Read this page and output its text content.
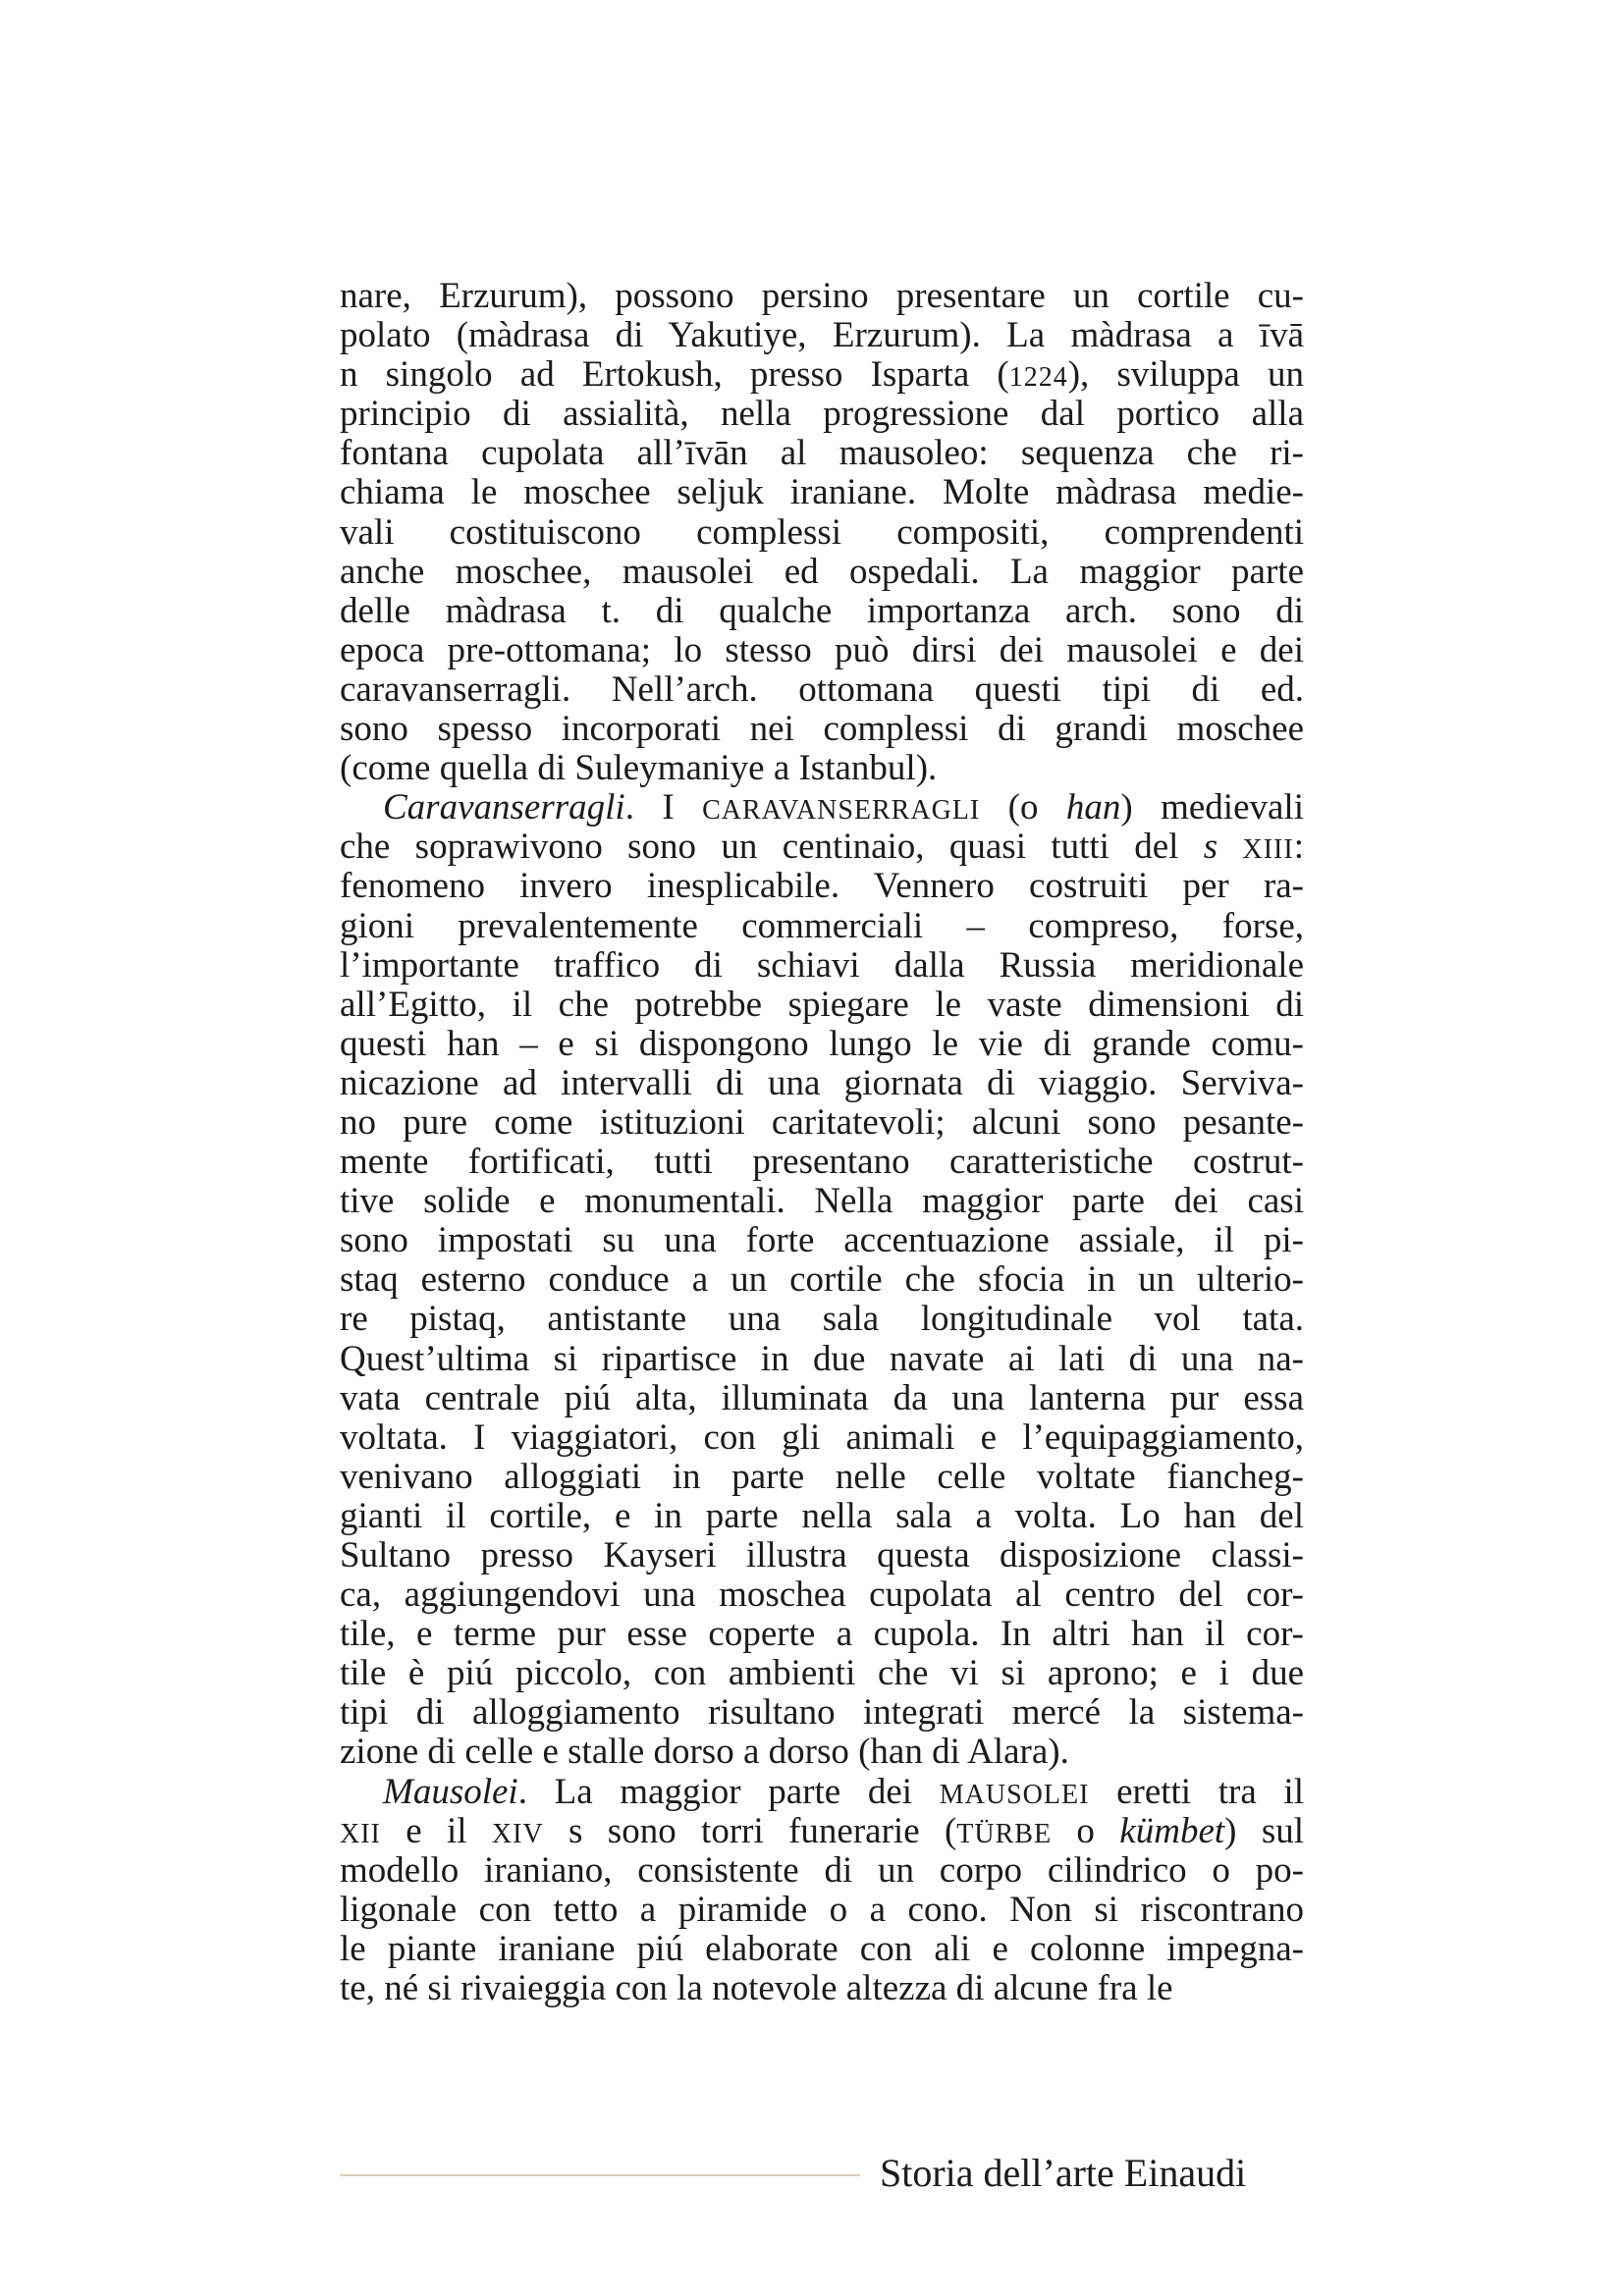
nare, Erzurum), possono persino presentare un cortile cu-
polato (màdrasa di Yakutiye, Erzurum). La màdrasa a īvā
n singolo ad Ertokush, presso Isparta (1224), sviluppa un
principio di assialità, nella progressione dal portico alla
fontana cupolata all’īvān al mausoleo: sequenza che ri-
chiama le moschee seljuk iraniane. Molte màdrasa medie-
vali costituiscono complessi compositi, comprendenti
anche moschee, mausolei ed ospedali. La maggior parte
delle màdrasa t. di qualche importanza arch. sono di
epoca pre-ottomana; lo stesso può dirsi dei mausolei e dei
caravanserragli. Nell’arch. ottomana questi tipi di ed.
sono spesso incorporati nei complessi di grandi moschee
(come quella di Suleymaniye a Istanbul).
Caravanserragli. I CARAVANSERRAGLI (o han) medievali
che soprawivono sono un centinaio, quasi tutti del s XIII:
fenomeno invero inesplicabile. Vennero costruiti per ra-
gioni prevalentemente commerciali – compreso, forse,
l’importante traffico di schiavi dalla Russia meridionale
all’Egitto, il che potrebbe spiegare le vaste dimensioni di
questi han – e si dispongono lungo le vie di grande comu-
nicazione ad intervalli di una giornata di viaggio. Serviva-
no pure come istituzioni caritatevoli; alcuni sono pesante-
mente fortificati, tutti presentano caratteristiche costrut-
tive solide e monumentali. Nella maggior parte dei casi
sono impostati su una forte accentuazione assiale, il pi-
staq esterno conduce a un cortile che sfocia in un ulterio-
re pistaq, antistante una sala longitudinale vol tata.
Quest’ultima si ripartisce in due navate ai lati di una na-
vata centrale piú alta, illuminata da una lanterna pur essa
voltata. I viaggiatori, con gli animali e l’equipaggiamento,
venivano alloggiati in parte nelle celle voltate fiancheg-
gianti il cortile, e in parte nella sala a volta. Lo han del
Sultano presso Kayseri illustra questa disposizione classi-
ca, aggiungendovi una moschea cupolata al centro del cor-
tile, e terme pur esse coperte a cupola. In altri han il cor-
tile è piú piccolo, con ambienti che vi si aprono; e i due
tipi di alloggiamento risultano integrati mercé la sistema-
zione di celle e stalle dorso a dorso (han di Alara).
Mausolei. La maggior parte dei MAUSOLEI eretti tra il
XII e il XIV s sono torri funerarie (TÜRBE o kümbet) sul
modello iraniano, consistente di un corpo cilindrico o po-
ligonale con tetto a piramide o a cono. Non si riscontrano
le piante iraniane piú elaborate con ali e colonne impegna-
te, né si rivaieggia con la notevole altezza di alcune fra le
Storia dell’arte Einaudi
